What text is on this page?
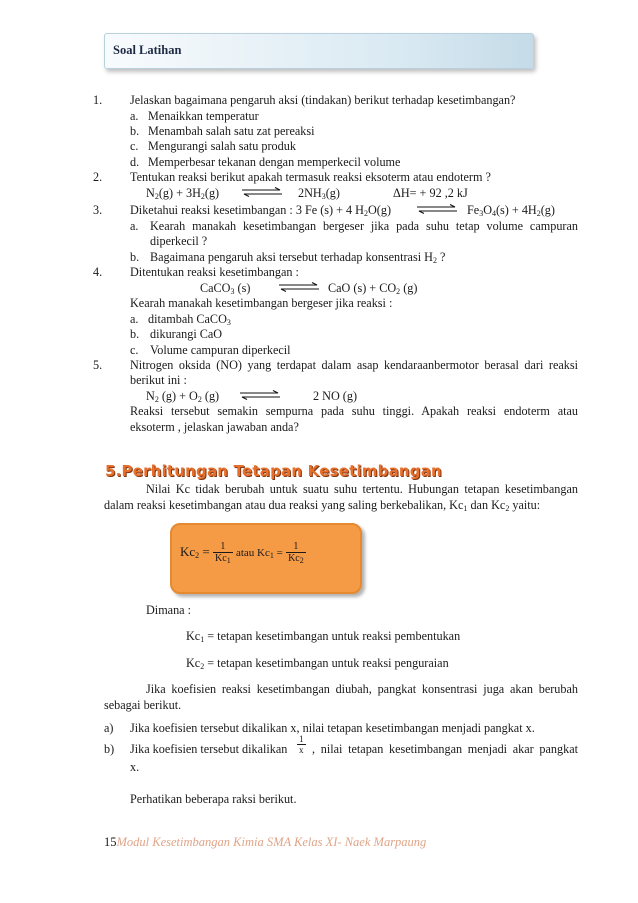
Soal Latihan
1. Jelaskan bagaimana pengaruh aksi (tindakan) berikut terhadap kesetimbangan?
a. Menaikkan temperatur
b. Menambah salah satu zat pereaksi
c. Mengurangi salah satu produk
d. Memperbesar tekanan dengan memperkecil volume
2. Tentukan reaksi berikut apakah termasuk reaksi eksoterm atau endoterm ?
$N_2(g) + 3H_2(g)$ ⇌ $2NH_3(g)$	ΔH= + 92 ,2 kJ
3. Diketahui reaksi kesetimbangan : 3 Fe (s) + 4 $H_2O(g)$ ⇌ $Fe_3O_4(s) + 4H_2(g)$
a. Kearah manakah kesetimbangan bergeser jika pada suhu tetap volume campuran
diperkecil ?
b. Bagaimana pengaruh aksi tersebut terhadap konsentrasi $H_2$ ?
4. Ditentukan reaksi kesetimbangan :
CaCO$_3$ (s) ⇌ CaO $(s) + CO_2$ (g)
Kearah manakah kesetimbangan bergeser jika reaksi :
a. ditambah CaCO$_3$
b. dikurangi CaO
c. Volume campuran diperkecil
5. Nitrogen oksida (NO) yang terdapat dalam asap kendaraanbermotor berasal dari reaksi
berikut ini :
$N_2$ $(g) + O_2$ (g)	2 NO (g)
Reaksi tersebut semakin sempurna pada suhu tinggi. Apakah reaksi endoterm atau
eksoterm , jelaskan jawaban anda?
5.Perhitungan Tetapan Kesetimbangan
Nilai Kc tidak berubah untuk suatu suhu tertentu. Hubungan tetapan kesetimbangan
dalam reaksi kesetimbangan atau dua reaksi yang saling berkebalikan, $Kc_1$ dan $Kc_2$ yaitu:
$Kc_2 = \frac{1}{Kc_1}$ atau $Kc_1 = \frac{1}{Kc_2}$
Dimana :
$Kc_1$ = tetapan kesetimbangan untuk reaksi pembentukan
$Kc_2$ = tetapan kesetimbangan untuk reaksi penguraian
Jika koefisien reaksi kesetimbangan diubah, pangkat konsentrasi juga akan berubah
sebagai berikut.
a) Jika koefisien tersebut dikalikan x, nilai tetapan kesetimbangan menjadi pangkat x.
b) Jika koefisien tersebut dikalikan $\frac{1}{x}$ , nilai tetapan kesetimbangan menjadi akar pangkat
x.
Perhatikan beberapa raksi berikut.
15Modul Kesetimbangan Kimia SMA Kelas XI- Naek Marpaung
